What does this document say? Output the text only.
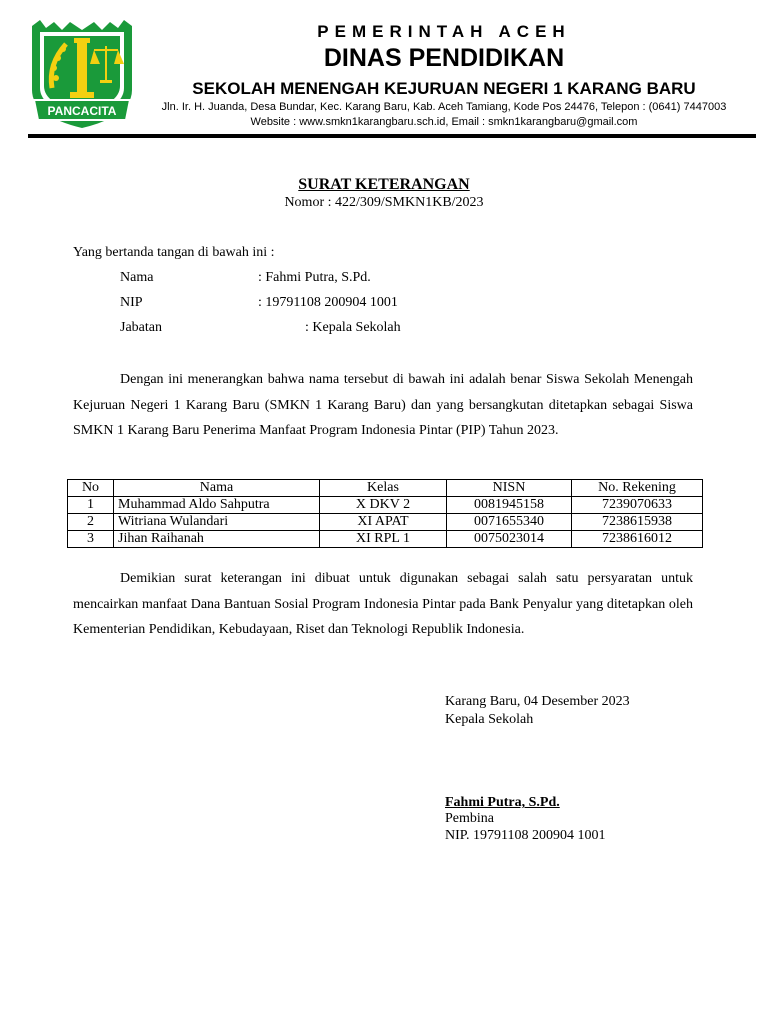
PANCACITA
PEMERINTAH ACEH
DINAS PENDIDIKAN
SEKOLAH MENENGAH KEJURUAN NEGERI 1 KARANG BARU
Jln. Ir. H. Juanda, Desa Bundar, Kec. Karang Baru, Kab. Aceh Tamiang, Kode Pos 24476, Telepon : (0641) 7447003
Website : www.smkn1karangbaru.sch.id, Email : smkn1karangbaru@gmail.com
SURAT KETERANGAN
Nomor : 422/309/SMKN1KB/2023
Yang bertanda tangan di bawah ini :
Nama	: Fahmi Putra, S.Pd.
NIP	: 19791108 200904 1001
Jabatan	: Kepala Sekolah
Dengan ini menerangkan bahwa nama tersebut di bawah ini adalah benar Siswa Sekolah Menengah Kejuruan Negeri 1 Karang Baru (SMKN 1 Karang Baru) dan yang bersangkutan ditetapkan sebagai Siswa SMKN 1 Karang Baru Penerima Manfaat Program Indonesia Pintar (PIP) Tahun 2023.
No	Nama	Kelas	NISN	No. Rekening
1	Muhammad Aldo Sahputra	X DKV 2	0081945158	7239070633
2	Witriana Wulandari	XI APAT	0071655340	7238615938
3	Jihan Raihanah	XI RPL 1	0075023014	7238616012
Demikian surat keterangan ini dibuat untuk digunakan sebagai salah satu persyaratan untuk mencairkan manfaat Dana Bantuan Sosial Program Indonesia Pintar pada Bank Penyalur yang ditetapkan oleh Kementerian Pendidikan, Kebudayaan, Riset dan Teknologi Republik Indonesia.
Karang Baru, 04 Desember 2023
Kepala Sekolah
Fahmi Putra, S.Pd.
Pembina
NIP. 19791108 200904 1001
